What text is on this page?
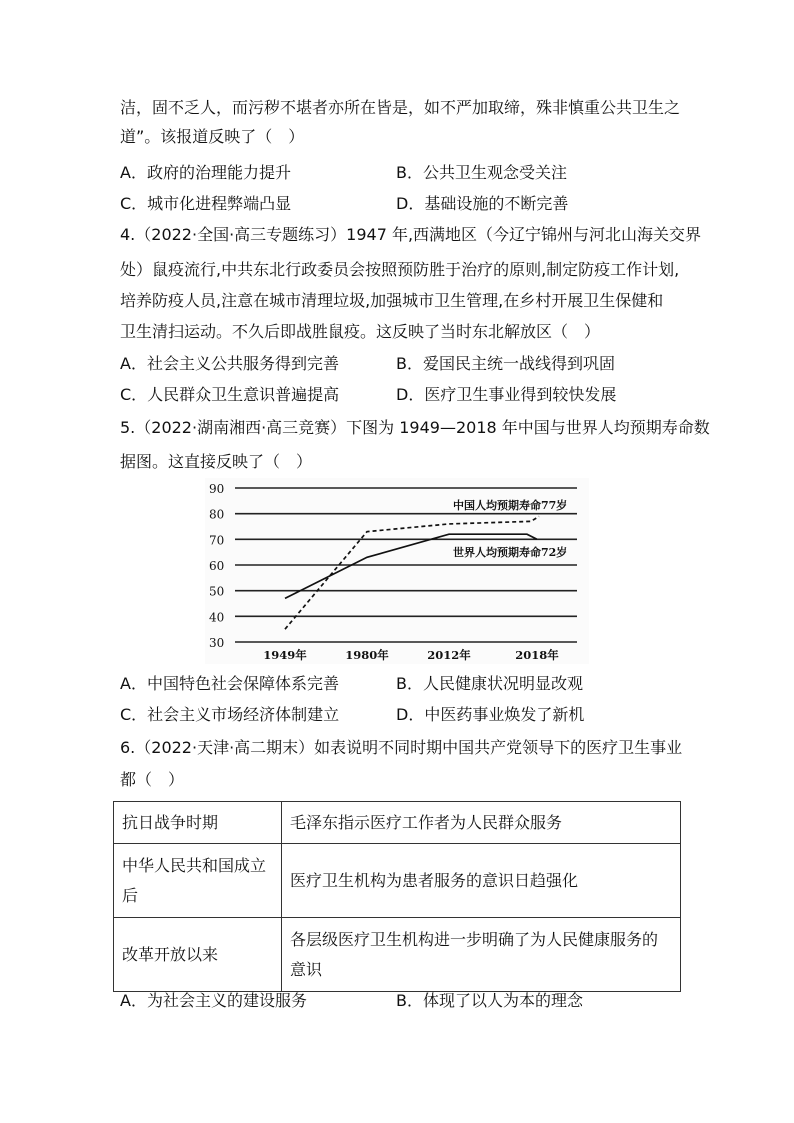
洁，固不乏人，而污秽不堪者亦所在皆是，如不严加取缔，殊非慎重公共卫生之
道”。该报道反映了（　）
A．政府的治理能力提升	B．公共卫生观念受关注
C．城市化进程弊端凸显	D．基础设施的不断完善
4.（2022·全国·高三专题练习）1947 年,西满地区（今辽宁锦州与河北山海关交界
处）鼠疫流行,中共东北行政委员会按照预防胜于治疗的原则,制定防疫工作计划,
培养防疫人员,注意在城市清理垃圾,加强城市卫生管理,在乡村开展卫生保健和
卫生清扫运动。不久后即战胜鼠疫。这反映了当时东北解放区（　）
A．社会主义公共服务得到完善	B．爱国民主统一战线得到巩固
C．人民群众卫生意识普遍提高	D．医疗卫生事业得到较快发展
5.（2022·湖南湘西·高三竞赛）下图为 1949—2018 年中国与世界人均预期寿命数
据图。这直接反映了（　）
90
80
70
60
50
40
30
1949年	1980年	2012年	2018年
中国人均预期寿命77岁
世界人均预期寿命72岁
A．中国特色社会保障体系完善	B．人民健康状况明显改观
C．社会主义市场经济体制建立	D．中医药事业焕发了新机
6.（2022·天津·高二期末）如表说明不同时期中国共产党领导下的医疗卫生事业
都（　）
抗日战争时期	毛泽东指示医疗工作者为人民群众服务

中华人民共和国成立
后	医疗卫生机构为患者服务的意识日趋强化
改革开放以来	各层级医疗卫生机构进一步明确了为人民健康服务的
意识
A．为社会主义的建设服务	B．体现了以人为本的理念
